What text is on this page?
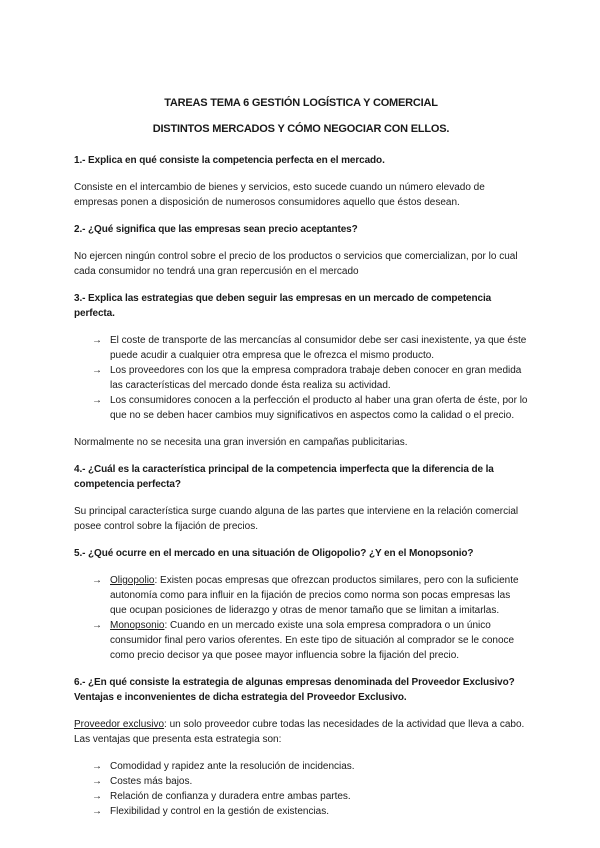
TAREAS TEMA 6 GESTIÓN LOGÍSTICA Y COMERCIAL
DISTINTOS MERCADOS Y CÓMO NEGOCIAR CON ELLOS.
1.- Explica en qué consiste la competencia perfecta en el mercado.

Consiste en el intercambio de bienes y servicios, esto sucede cuando un número elevado de empresas ponen a disposición de numerosos consumidores aquello que éstos desean.

2.- ¿Qué significa que las empresas sean precio aceptantes?

No ejercen ningún control sobre el precio de los productos o servicios que comercializan, por lo cual cada consumidor no tendrá una gran repercusión en el mercado

3.- Explica las estrategias que deben seguir las empresas en un mercado de competencia perfecta.
→ El coste de transporte de las mercancías al consumidor debe ser casi inexistente, ya que éste puede acudir a cualquier otra empresa que le ofrezca el mismo producto.
→ Los proveedores con los que la empresa compradora trabaje deben conocer en gran medida las características del mercado donde ésta realiza su actividad.
→ Los consumidores conocen a la perfección el producto al haber una gran oferta de éste, por lo que no se deben hacer cambios muy significativos en aspectos como la calidad o el precio.

Normalmente no se necesita una gran inversión en campañas publicitarias.

4.- ¿Cuál es la característica principal de la competencia imperfecta que la diferencia de la competencia perfecta?

Su principal característica surge cuando alguna de las partes que interviene en la relación comercial posee control sobre la fijación de precios.

5.- ¿Qué ocurre en el mercado en una situación de Oligopolio? ¿Y en el Monopsonio?
→ Oligopolio: Existen pocas empresas que ofrezcan productos similares, pero con la suficiente autonomía como para influir en la fijación de precios como norma son pocas empresas las que ocupan posiciones de liderazgo y otras de menor tamaño que se limitan a imitarlas.
→ Monopsonio: Cuando en un mercado existe una sola empresa compradora o un único consumidor final pero varios oferentes. En este tipo de situación al comprador se le conoce como precio decisor ya que posee mayor influencia sobre la fijación del precio.
6.- ¿En qué consiste la estrategia de algunas empresas denominada del Proveedor Exclusivo? Ventajas e inconvenientes de dicha estrategia del Proveedor Exclusivo.

Proveedor exclusivo: un solo proveedor cubre todas las necesidades de la actividad que lleva a cabo. Las ventajas que presenta esta estrategia son:

→ Comodidad y rapidez ante la resolución de incidencias.
→ Costes más bajos.
→ Relación de confianza y duradera entre ambas partes.
→ Flexibilidad y control en la gestión de existencias.
